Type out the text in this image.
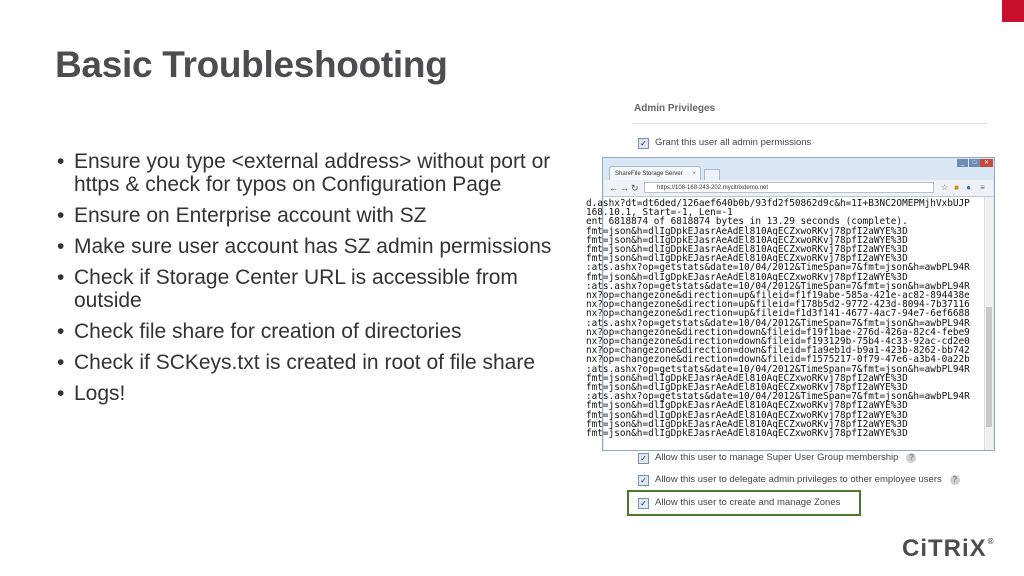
Basic Troubleshooting
• Ensure you type <external address> without port or https & check for typos on Configuration Page
• Ensure on Enterprise account with SZ
• Make sure user account has SZ admin permissions
• Check if Storage Center URL is accessible from outside
• Check file share for creation of directories
• Check if SCKeys.txt is created in root of file share
• Logs!
Admin Privileges
✓ Grant this user all admin permissions
✓ Allow this user to manage Super User Group membership ?
✓ Allow this user to delegate admin privileges to other employee users ?
✓ Allow this user to create and manage Zones
_	□	✕
ShareFile Storage Server ×
← → ↻	https://108-168-243-202.mycitrixdemo.net	☆ ■ ● ≡
d.ashx?dt=dt6ded/126aef640b0b/93fd2f50862d9c&h=1I+B3NC2OMEPMjhVxbUJP
168.10.1, Start=-1, Len=-1
ent 6818874 of 6818874 bytes in 13.29 seconds (complete).
fmt=json&h=dlIgDpkEJasrAeAdEl810AqECZxwoRKvj78pfI2aWYE%3D
fmt=json&h=dlIgDpkEJasrAeAdEl810AqECZxwoRKvj78pfI2aWYE%3D
fmt=json&h=dlIgDpkEJasrAeAdEl810AqECZxwoRKvj78pfI2aWYE%3D
fmt=json&h=dlIgDpkEJasrAeAdEl810AqECZxwoRKvj78pfI2aWYE%3D
:ats.ashx?op=getstats&date=10/04/2012&TimeSpan=7&fmt=json&h=awbPL94R
fmt=json&h=dlIgDpkEJasrAeAdEl810AqECZxwoRKvj78pfI2aWYE%3D
:ats.ashx?op=getstats&date=10/04/2012&TimeSpan=7&fmt=json&h=awbPL94R
nx?op=changezone&direction=up&fileid=f1f19abe-585a-421e-ac82-894438e
nx?op=changezone&direction=up&fileid=f178b5d2-9772-423d-8094-7b37116
nx?op=changezone&direction=up&fileid=f1d3f141-4677-4ac7-94e7-6ef6688
:ats.ashx?op=getstats&date=10/04/2012&TimeSpan=7&fmt=json&h=awbPL94R
nx?op=changezone&direction=down&fileid=f19f1bae-276d-426a-82c4-febe9
nx?op=changezone&direction=down&fileid=f193129b-75b4-4c33-92ac-cd2e0
nx?op=changezone&direction=down&fileid=f1a9eb1d-b9a1-423b-8262-bb742
nx?op=changezone&direction=down&fileid=f1575217-0f79-47e6-a3b4-0a22b
:ats.ashx?op=getstats&date=10/04/2012&TimeSpan=7&fmt=json&h=awbPL94R
fmt=json&h=dlIgDpkEJasrAeAdEl810AqECZxwoRKvj78pfI2aWYE%3D
fmt=json&h=dlIgDpkEJasrAeAdEl810AqECZxwoRKvj78pfI2aWYE%3D
:ats.ashx?op=getstats&date=10/04/2012&TimeSpan=7&fmt=json&h=awbPL94R
fmt=json&h=dlIgDpkEJasrAeAdEl810AqECZxwoRKvj78pfI2aWYE%3D
fmt=json&h=dlIgDpkEJasrAeAdEl810AqECZxwoRKvj78pfI2aWYE%3D
fmt=json&h=dlIgDpkEJasrAeAdEl810AqECZxwoRKvj78pfI2aWYE%3D
fmt=json&h=dlIgDpkEJasrAeAdEl810AqECZxwoRKvj78pfI2aWYE%3D
CiTRiX®
